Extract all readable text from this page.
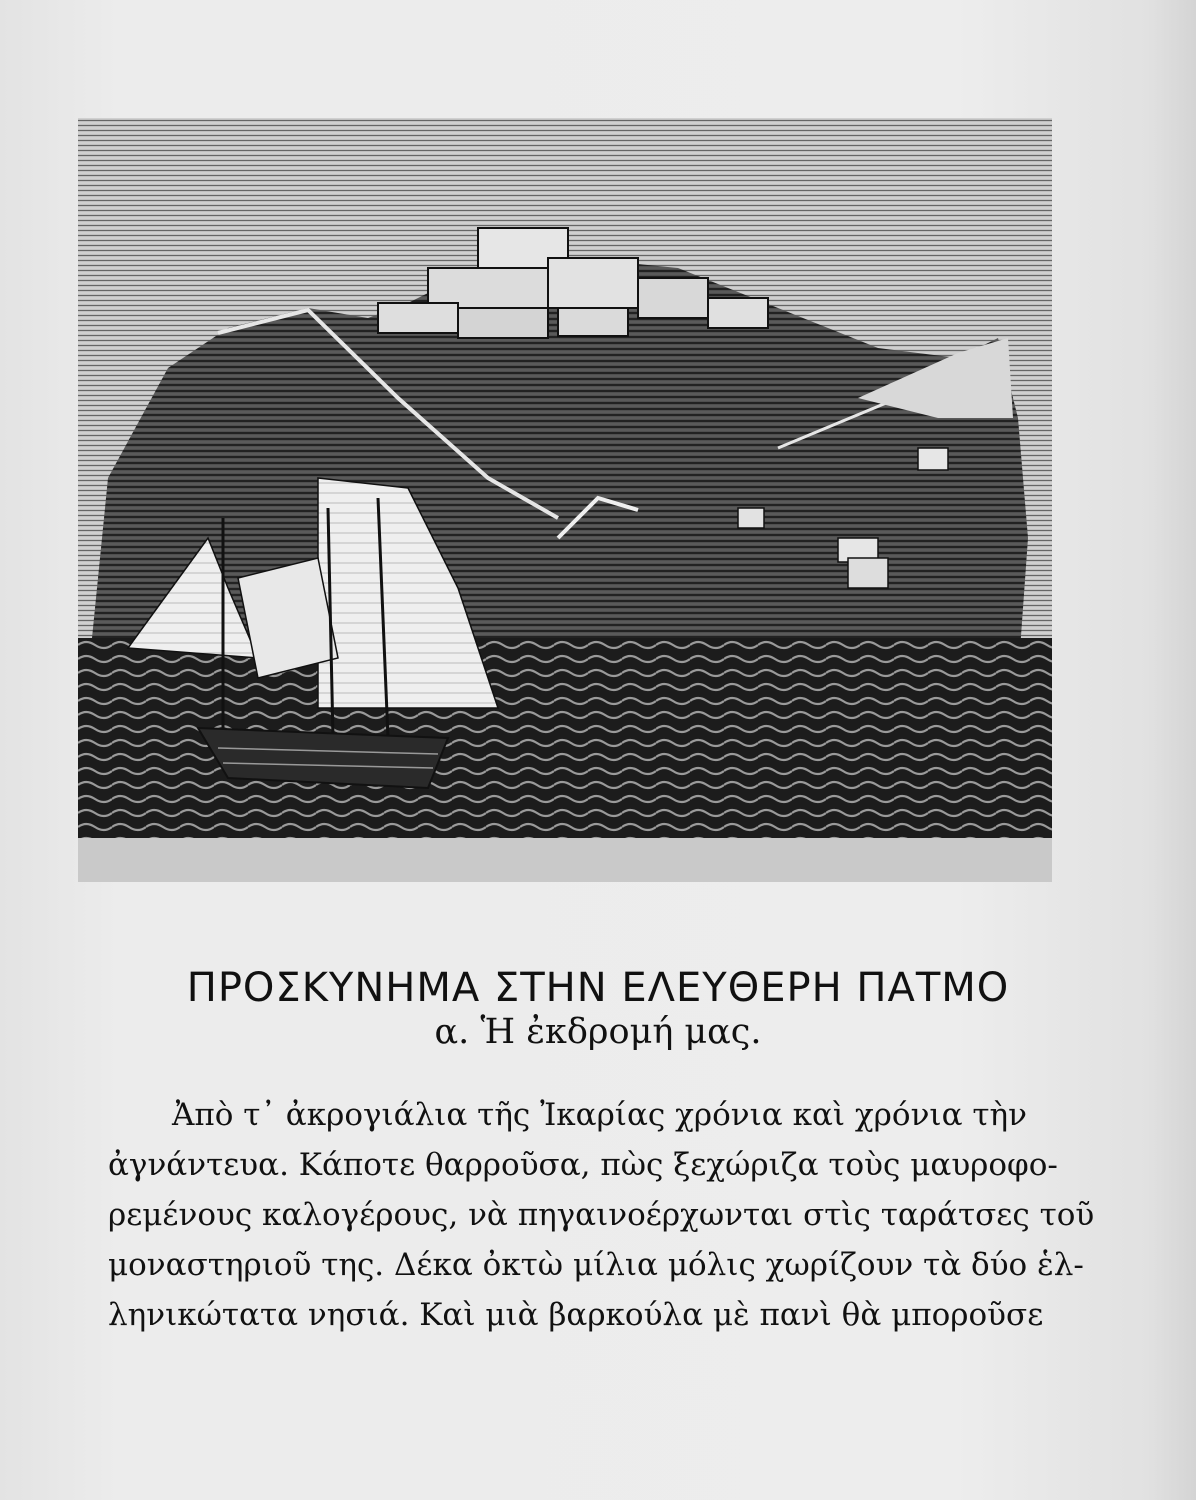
ΠΡΟΣΚΥΝΗΜΑ ΣΤΗΝ ΕΛΕΥΘΕΡΗ ΠΑΤΜΟ
α. Ἡ ἐκδρομή μας.
Ἀπὸ τ᾿ ἀκρογιάλια τῆς Ἰκαρίας χρόνια καὶ χρόνια τὴν
ἀγνάντευα. Κάποτε θαρροῦσα, πὼς ξεχώριζα τοὺς μαυροφο-
ρεμένους καλογέρους, νὰ πηγαινοέρχωνται στὶς ταράτσες τοῦ
μοναστηριοῦ της. Δέκα ὀκτὼ μίλια μόλις χωρίζουν τὰ δύο ἑλ-
ληνικώτατα νησιά. Καὶ μιὰ βαρκούλα μὲ πανὶ θὰ μποροῦσε
